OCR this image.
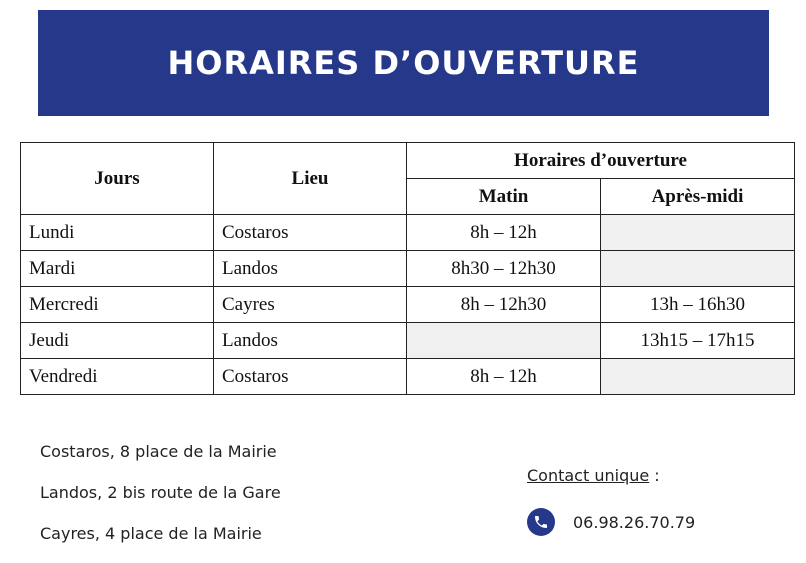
HORAIRES D’OUVERTURE
Jours	Lieu	Horaires d’ouverture	
		Matin	Après-midi
Lundi	Costaros	8h – 12h	
Mardi	Landos	8h30 – 12h30	
Mercredi	Cayres	8h – 12h30	13h – 16h30
Jeudi	Landos		13h15 – 17h15
Vendredi	Costaros	8h – 12h	
Costaros, 8 place de la Mairie
Landos, 2 bis route de la Gare
Cayres, 4 place de la Mairie
Contact unique :
06.98.26.70.79
